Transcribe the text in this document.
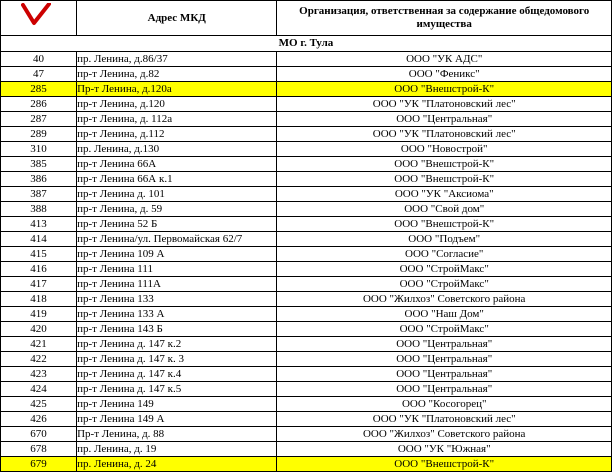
	Адрес МКД	Организация, ответственная за содержание общедомового имущества
МО г. Тула		
40	пр. Ленина, д.86/37	ООО "УК АДС"
47	пр-т Ленина, д.82	ООО "Феникс"
285	Пр-т Ленина, д.120а	ООО "Внешстрой-К"
286	пр-т Ленина, д.120	ООО "УК "Платоновский лес"
287	пр-т Ленина, д. 112а	ООО "Центральная"
289	пр-т Ленина, д.112	ООО "УК "Платоновский лес"
310	пр. Ленина, д.130	ООО "Новострой"
385	пр-т Ленина 66А	ООО "Внешстрой-К"
386	пр-т Ленина 66А к.1	ООО "Внешстрой-К"
387	пр-т Ленина д. 101	ООО "УК "Аксиома"
388	пр-т Ленина, д. 59	ООО "Свой дом"
413	пр-т Ленина 52 Б	ООО "Внешстрой-К"
414	пр-т Ленина/ул. Первомайская 62/7	ООО "Подъем"
415	пр-т Ленина 109 А	ООО "Согласие"
416	пр-т Ленина 111	ООО "СтройМакс"
417	пр-т Ленина 111А	ООО "СтройМакс"
418	пр-т Ленина 133	ООО "Жилхоз" Советского района
419	пр-т Ленина 133 А	ООО "Наш Дом"
420	пр-т Ленина 143 Б	ООО "СтройМакс"
421	пр-т Ленина д. 147 к.2	ООО "Центральная"
422	пр-т Ленина д. 147 к. 3	ООО "Центральная"
423	пр-т Ленина д. 147 к.4	ООО "Центральная"
424	пр-т Ленина д. 147 к.5	ООО "Центральная"
425	пр-т Ленина 149	ООО "Косогорец"
426	пр-т Ленина 149 А	ООО "УК "Платоновский лес"
670	Пр-т Ленина, д. 88	ООО "Жилхоз" Советского района
678	пр. Ленина, д. 19	ООО "УК "Южная"
679	пр. Ленина, д. 24	ООО "Внешстрой-К"
